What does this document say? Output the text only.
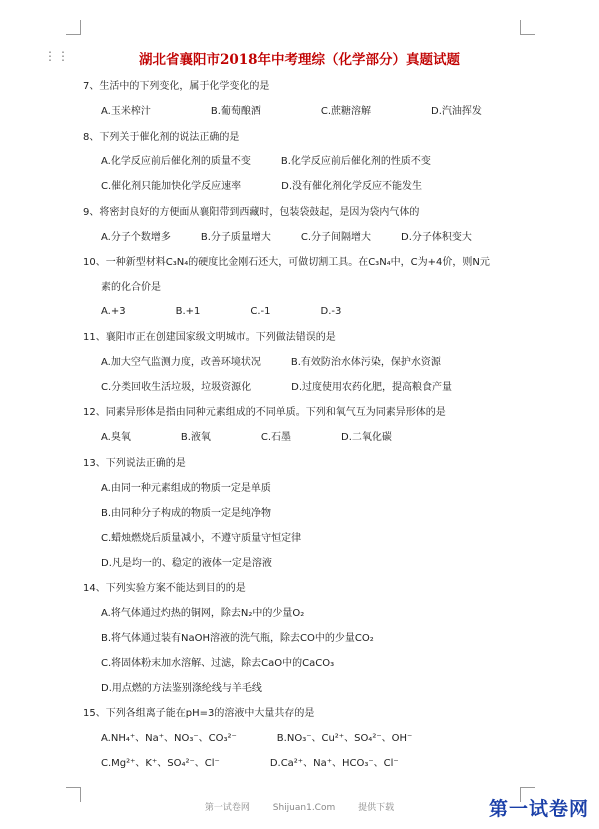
⋮⋮	湖北省襄阳市2018年中考理综（化学部分）真题试题
7、生活中的下列变化，属于化学变化的是
A.玉米榨汁　　　　　　B.葡萄酿酒　　　　　　C.蔗糖溶解　　　　　　D.汽油挥发
8、下列关于催化剂的说法正确的是
A.化学反应前后催化剂的质量不变　　　B.化学反应前后催化剂的性质不变
C.催化剂只能加快化学反应速率　　　　D.没有催化剂化学反应不能发生
9、将密封良好的方便面从襄阳带到西藏时，包装袋鼓起，是因为袋内气体的
A.分子个数增多　　　B.分子质量增大　　　C.分子间隔增大　　　D.分子体积变大
10、一种新型材料C₃N₄的硬度比金刚石还大，可做切割工具。在C₃N₄中，C为+4价，则N元
素的化合价是
A.+3　　　　　B.+1　　　　　C.-1　　　　　D.-3
11、襄阳市正在创建国家级文明城市。下列做法错误的是
A.加大空气监测力度，改善环境状况　　　B.有效防治水体污染，保护水资源
C.分类回收生活垃圾，垃圾资源化　　　　D.过度使用农药化肥，提高粮食产量
12、同素异形体是指由同种元素组成的不同单质。下列和氧气互为同素异形体的是
A.臭氧　　　　　B.液氧　　　　　C.石墨　　　　　D.二氧化碳
13、下列说法正确的是
A.由同一种元素组成的物质一定是单质
B.由同种分子构成的物质一定是纯净物
C.蜡烛燃烧后质量减小，不遵守质量守恒定律
D.凡是均一的、稳定的液体一定是溶液
14、下列实验方案不能达到目的的是
A.将气体通过灼热的铜网，除去N₂中的少量O₂
B.将气体通过装有NaOH溶液的洗气瓶，除去CO中的少量CO₂
C.将固体粉末加水溶解、过滤，除去CaO中的CaCO₃
D.用点燃的方法鉴别涤纶线与羊毛线
15、下列各组离子能在pH=3的溶液中大量共存的是
A.NH₄⁺、Na⁺、NO₃⁻、CO₃²⁻　　　　B.NO₃⁻、Cu²⁺、SO₄²⁻、OH⁻
C.Mg²⁺、K⁺、SO₄²⁻、Cl⁻　　　　　D.Ca²⁺、Na⁺、HCO₃⁻、Cl⁻
第一试卷网	Shijuan1.Com	提供下载	第一试卷网
